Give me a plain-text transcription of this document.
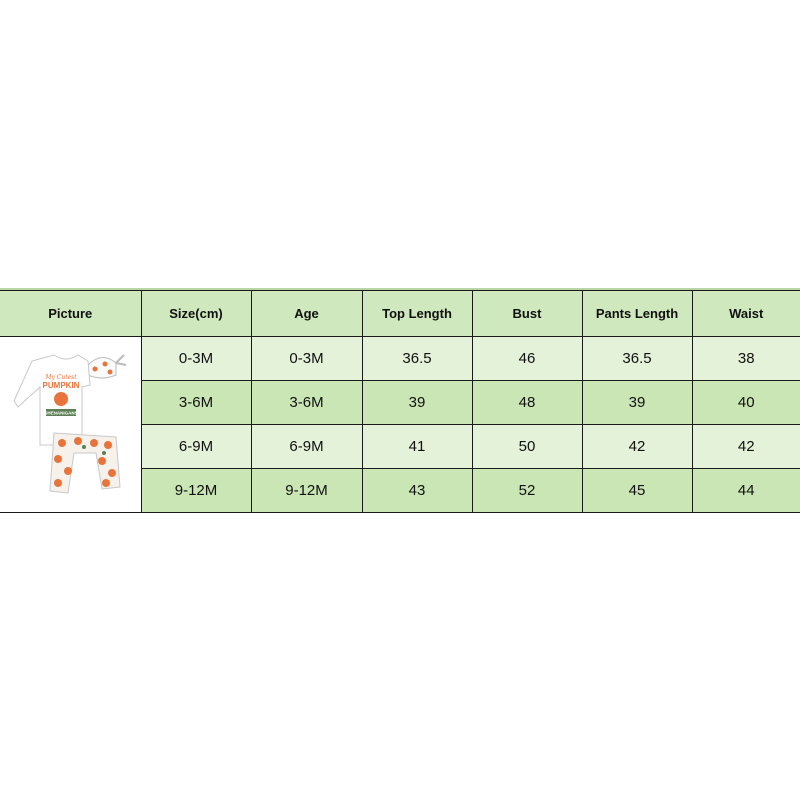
Picture	Size(cm)	Age	Top Length	Bust	Pants Length	Waist

My Cutest
PUMPKIN
SHENANIGANS	0-3M	0-3M	36.5	46	36.5	38
	3-6M	3-6M	39	48	39	40
	6-9M	6-9M	41	50	42	42
	9-12M	9-12M	43	52	45	44
